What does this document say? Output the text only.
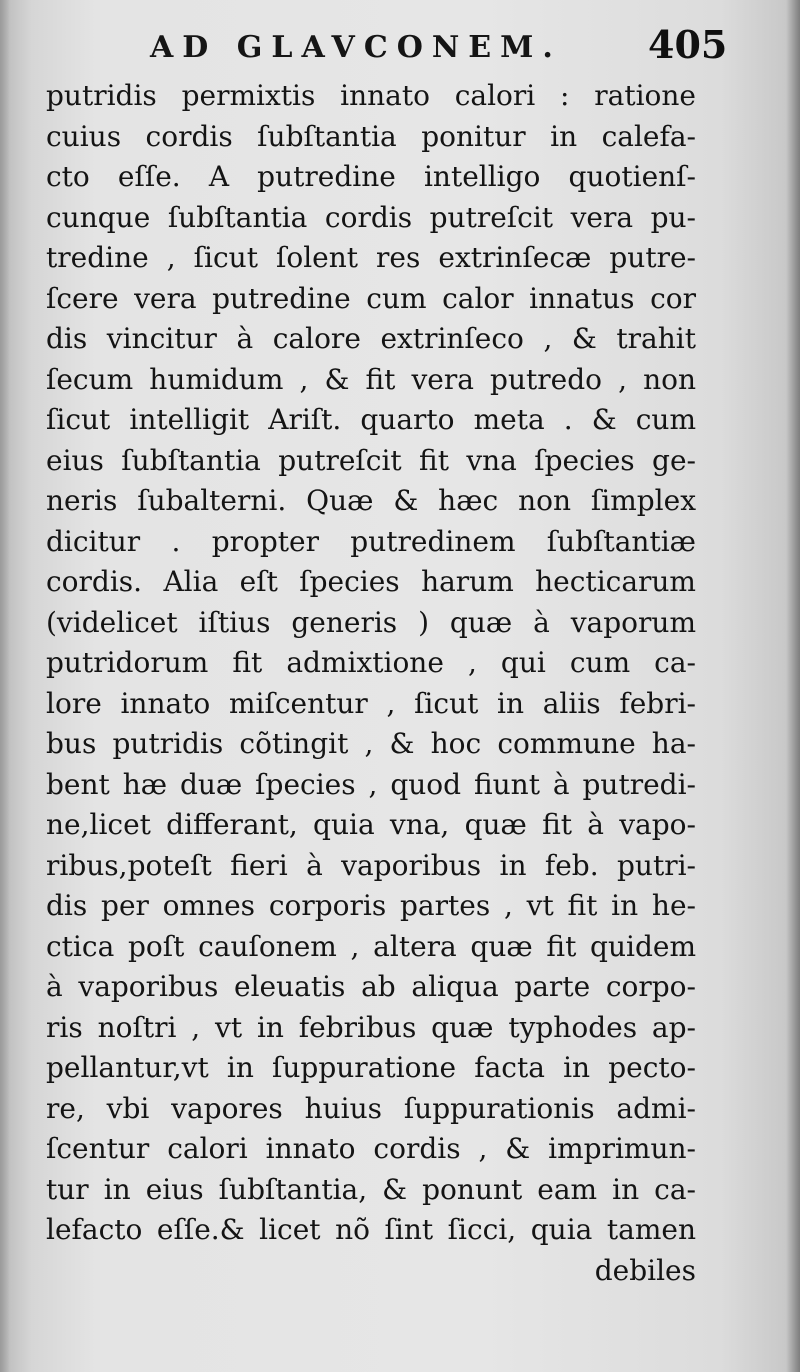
AD GLAVCONEM. 405
putridis permixtis innato calori : ratione
cuius cordis ſubſtantia ponitur in calefa-
cto eſſe. A putredine intelligo quotienſ-
cunque ſubſtantia cordis putreſcit vera pu-
tredine , ſicut ſolent res extrinſecæ putre-
ſcere vera putredine cum calor innatus cor
dis vincitur à calore extrinſeco , & trahit
ſecum humidum , & fit vera putredo , non
ſicut intelligit Ariſt. quarto meta . & cum
eius ſubſtantia putreſcit fit vna ſpecies ge-
neris ſubalterni. Quæ & hæc non ſimplex
dicitur . propter putredinem ſubſtantiæ
cordis. Alia eſt ſpecies harum hecticarum
(videlicet iſtius generis ) quæ à vaporum
putridorum fit admixtione , qui cum ca-
lore innato miſcentur , ſicut in aliis febri-
bus putridis cõtingit , & hoc commune ha-
bent hæ duæ ſpecies , quod fiunt à putredi-
ne,licet differant, quia vna, quæ fit à vapo-
ribus,poteſt fieri à vaporibus in feb. putri-
dis per omnes corporis partes , vt fit in he-
ctica poſt cauſonem , altera quæ fit quidem
à vaporibus eleuatis ab aliqua parte corpo-
ris noſtri , vt in febribus quæ typhodes ap-
pellantur,vt in ſuppuratione facta in pecto-
re, vbi vapores huius ſuppurationis admi-
ſcentur calori innato cordis , & imprimun-
tur in eius ſubſtantia, & ponunt eam in ca-
lefacto eſſe.& licet nõ ſint ſicci, quia tamen
debiles
